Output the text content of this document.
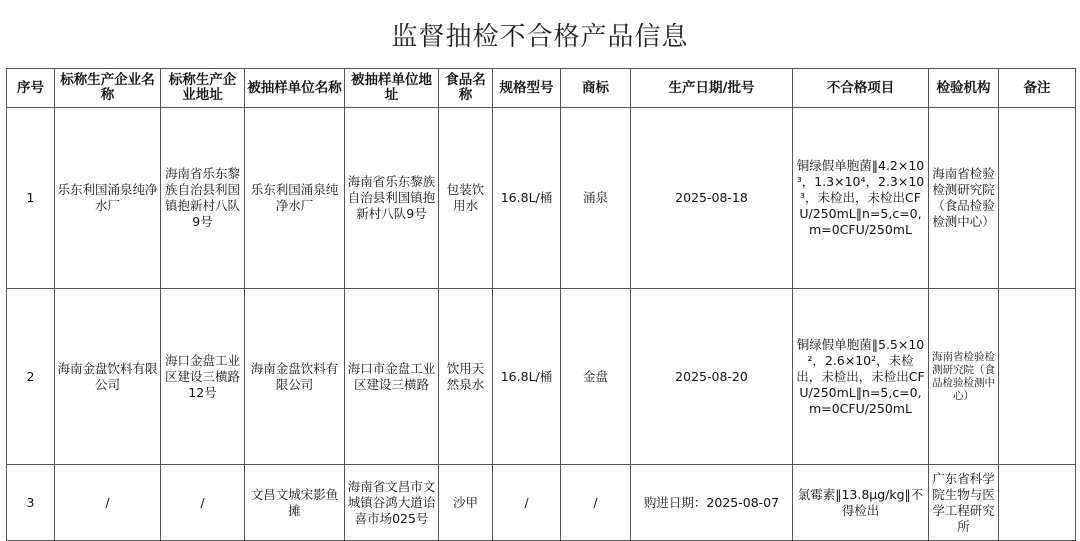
监督抽检不合格产品信息
序号	标称生产企业名称	标称生产企业地址	被抽样单位名称	被抽样单位地址	食品名称	规格型号	商标	生产日期/批号	不合格项目	检验机构	备注
1	乐东利国涌泉纯净水厂	海南省乐东黎族自治县利国镇抱新村八队9号	乐东利国涌泉纯净水厂	海南省乐东黎族自治县利国镇抱新村八队9号	包装饮用水	16.8L/桶	涌泉	2025-08-18	铜绿假单胞菌‖4.2×10³，1.3×10⁴，2.3×10³，未检出，未检出CFU/250mL‖n=5,c=0,m=0CFU/250mL	海南省检验检测研究院（食品检验检测中心）	
2	海南金盘饮料有限公司	海口金盘工业区建设三横路12号	海南金盘饮料有限公司	海口市金盘工业区建设三横路	饮用天然泉水	16.8L/桶	金盘	2025-08-20	铜绿假单胞菌‖5.5×10²，2.6×10²，未检出，未检出，未检出CFU/250mL‖n=5,c=0,m=0CFU/250mL	海南省检验检测研究院（食品检验检测中心）	
3	/	/	文昌文城宋影鱼摊	海南省文昌市文城镇谷鸿大道诒喜市场025号	沙甲	/	/	购进日期：2025-08-07	氯霉素‖13.8μg/kg‖不得检出	广东省科学院生物与医学工程研究所	
